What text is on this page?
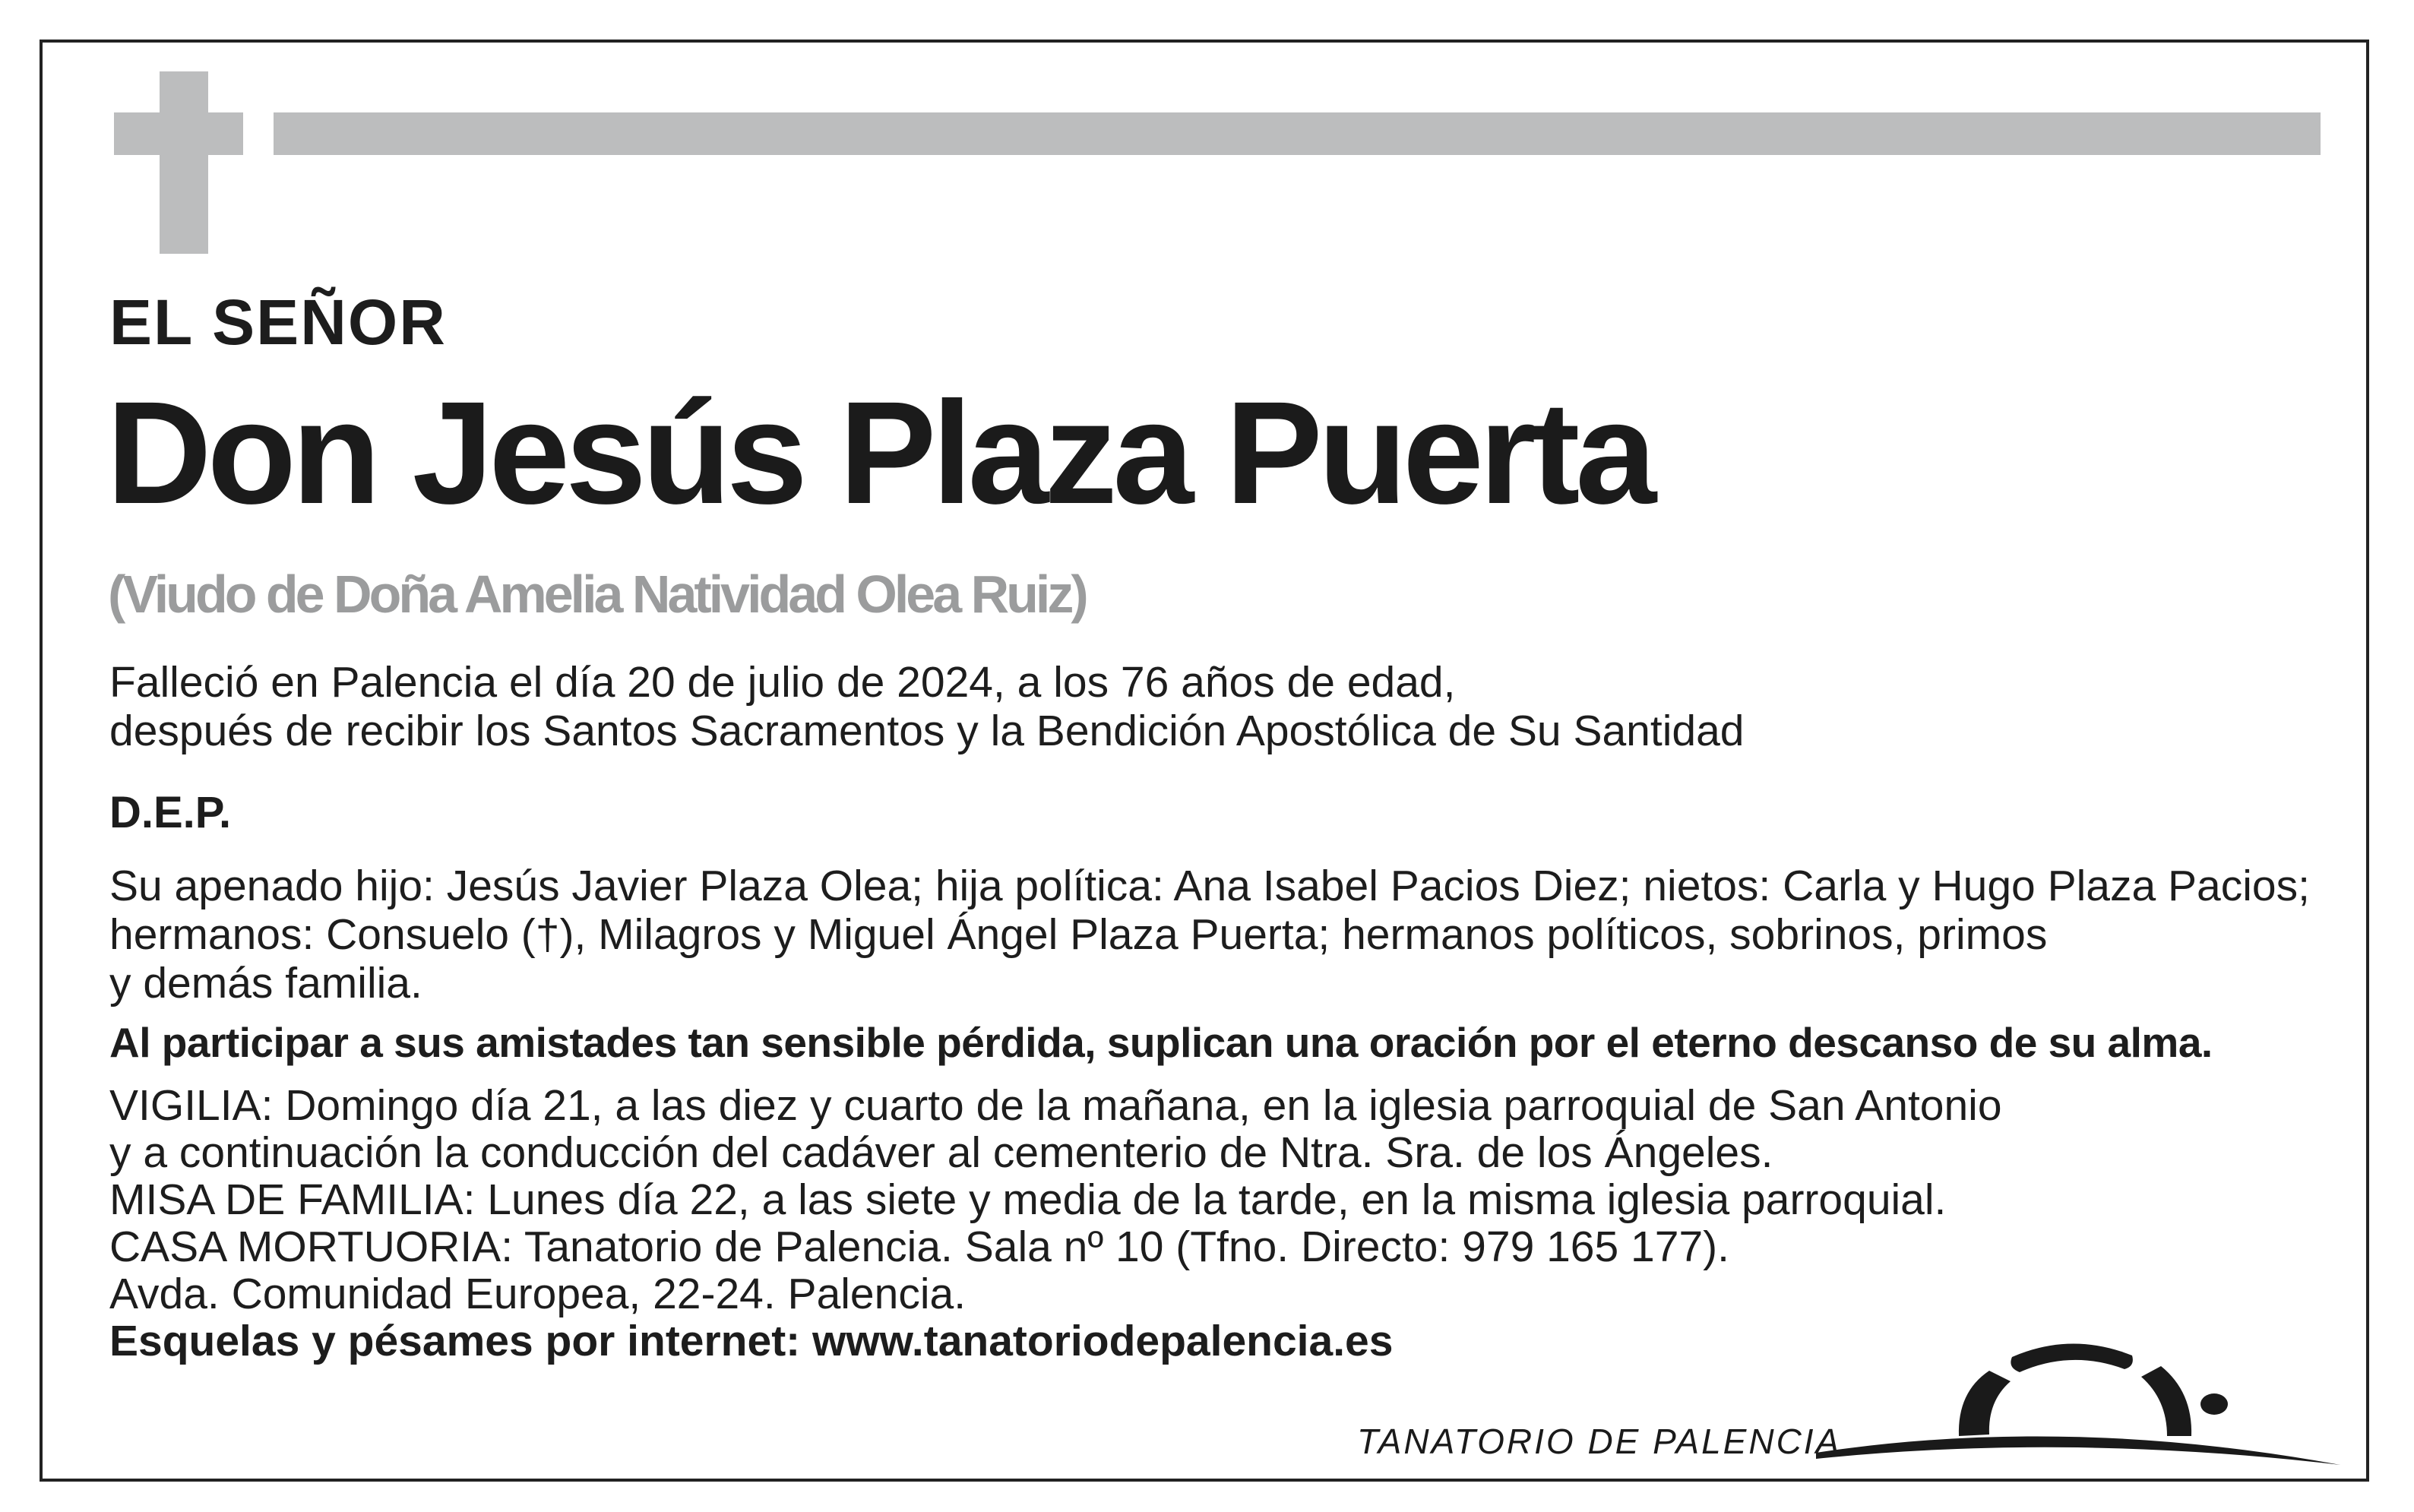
EL SEÑOR
Don Jesús Plaza Puerta
(Viudo de Doña Amelia Natividad Olea Ruiz)
Falleció en Palencia el día 20 de julio de 2024, a los 76 años de edad,
después de recibir los Santos Sacramentos y la Bendición Apostólica de Su Santidad
D.E.P.
Su apenado hijo: Jesús Javier Plaza Olea; hija política: Ana Isabel Pacios Diez; nietos: Carla y Hugo Plaza Pacios;
hermanos: Consuelo (†), Milagros y Miguel Ángel Plaza Puerta; hermanos políticos, sobrinos, primos
y demás familia.
Al participar a sus amistades tan sensible pérdida, suplican una oración por el eterno descanso de su alma.
VIGILIA: Domingo día 21, a las diez y cuarto de la mañana, en la iglesia parroquial de San Antonio
y a continuación la conducción del cadáver al cementerio de Ntra. Sra. de los Ángeles.
MISA DE FAMILIA: Lunes día 22, a las siete y media de la tarde, en la misma iglesia parroquial.
CASA MORTUORIA: Tanatorio de Palencia. Sala nº 10 (Tfno. Directo: 979 165 177).
Avda. Comunidad Europea, 22-24. Palencia.
Esquelas y pésames por internet: www.tanatoriodepalencia.es
TANATORIO DE PALENCIA
